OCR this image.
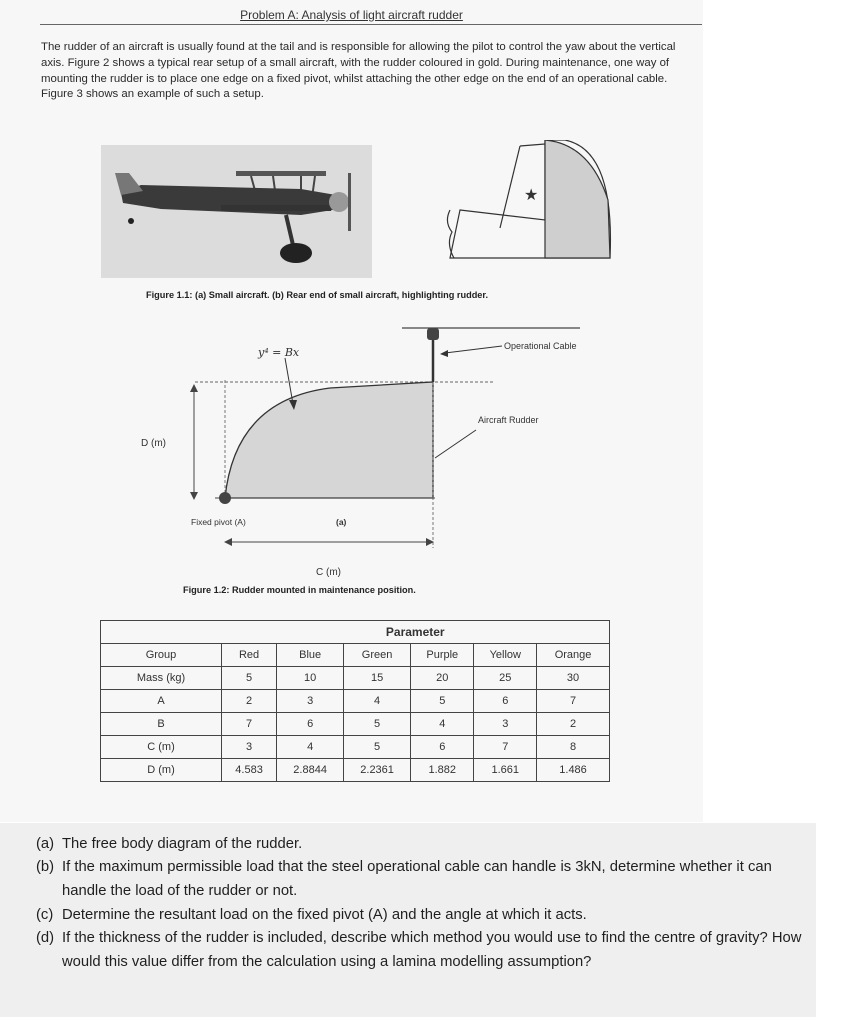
Problem A: Analysis of light aircraft rudder
The rudder of an aircraft is usually found at the tail and is responsible for allowing the pilot to control the yaw about the vertical axis. Figure 2 shows a typical rear setup of a small aircraft, with the rudder coloured in gold. During maintenance, one way of mounting the rudder is to place one edge on a fixed pivot, whilst attaching the other edge on the end of an operational cable. Figure 3 shows an example of such a setup.
★
Figure 1.1: (a) Small aircraft. (b) Rear end of small aircraft, highlighting rudder.
y⁴ = Bx	Operational Cable
Aircraft Rudder
D (m)
Fixed pivot (A)	(a)
C (m)
Figure 1.2: Rudder mounted in maintenance position.
	Parameter					
Group	Red	Blue	Green	Purple	Yellow	Orange
Mass (kg)	5	10	15	20	25	30
A	2	3	4	5	6	7
B	7	6	5	4	3	2
C (m)	3	4	5	6	7	8
D (m)	4.583	2.8844	2.2361	1.882	1.661	1.486
(a) The free body diagram of the rudder.
(b) If the maximum permissible load that the steel operational cable can handle is 3kN, determine whether it can handle the load of the rudder or not.
(c) Determine the resultant load on the fixed pivot (A) and the angle at which it acts.
(d) If the thickness of the rudder is included, describe which method you would use to find the centre of gravity? How would this value differ from the calculation using a lamina modelling assumption?
